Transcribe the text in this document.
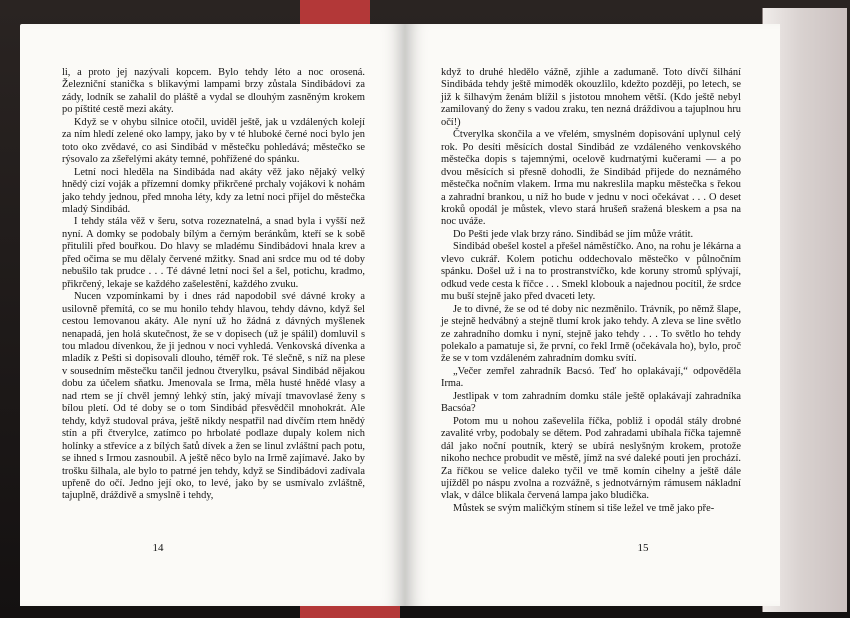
li, a proto jej nazývali kopcem. Bylo tehdy léto a noc orosená. Železniční stanička s blikavými lampami brzy zůstala Sindibádovi za zády, lodník se zahalil do pláště a vydal se dlouhým zasněným krokem po píštité cestě mezi akáty.

Když se v ohybu silnice otočil, uviděl ještě, jak u vzdálených kolejí za ním hledí zelené oko lampy, jako by v té hluboké černé noci bylo jen toto oko zvědavé, co asi Sindibád v městečku pohledává; městečko se rýsovalo za zšeřelými akáty temné, pohřížené do spánku.

Letní noci hleděla na Sindibáda nad akáty věž jako nějaký velký hnědý cizí voják a přízemní domky přikrčené prchaly vojákovi k nohám jako tehdy jednou, před mnoha léty, kdy za letní noci přijel do městečka mladý Sindibád.

I tehdy stála věž v šeru, sotva rozeznatelná, a snad byla i vyšší než nyní. A domky se podobaly bílým a černým beránkům, kteří se k sobě přitulili před bouřkou. Do hlavy se mladému Sindibádovi hnala krev a před očima se mu dělaly červené mžitky. Snad ani srdce mu od té doby nebušilo tak prudce . . . Té dávné letní noci šel a šel, potichu, kradmo, přikrčený, lekaje se každého zašelestění, každého zvuku.

Nucen vzpomínkami by i dnes rád napodobil své dávné kroky a usilovně přemítá, co se mu honilo tehdy hlavou, tehdy dávno, když šel cestou lemovanou akáty. Ale nyní už ho žádná z dávných myšlenek nenapadá, jen holá skutečnost, že se v dopisech (už je spálil) domluvil s tou mladou dívenkou, že ji jednou v noci vyhledá. Venkovská dívenka a mladík z Pešti si dopisovali dlouho, téměř rok. Té slečně, s níž na plese v sousedním městečku tančil jednou čtverylku, psával Sindibád nějakou dobu za účelem sňatku. Jmenovala se Irma, měla husté hnědé vlasy a nad rtem se jí chvěl jemný lehký stín, jaký mívají tmavovlasé ženy s bílou pletí. Od té doby se o tom Sindibád přesvědčil mnohokrát. Ale tehdy, když studoval práva, ještě nikdy nespatřil nad dívčím rtem hnědý stín a při čtverylce, zatímco po hrbolaté podlaze dupaly kolem nich holínky a střevíce a z bílých šatů dívek a žen se linul zvláštní pach potu, se ihned s Irmou zasnoubil. A ještě něco bylo na Irmě zajímavé. Jako by trošku šilhala, ale bylo to patrné jen tehdy, když se Sindibádovi zadívala upřeně do očí. Jedno její oko, to levé, jako by se usmívalo zvláštně, tajuplně, dráždivě a smyslně i tehdy,

14

když to druhé hledělo vážně, zjihle a zadumaně. Toto dívčí šilhání Sindibáda tehdy ještě mimoděk okouzlilo, kdežto později, po letech, se již k šilhavým ženám blížil s jistotou mnohem větší. (Kdo ještě nebyl zamilovaný do ženy s vadou zraku, ten nezná dráždivou a tajuplnou hru očí!)

Čtverylka skončila a ve vřelém, smyslném dopisování uplynul celý rok. Po desíti měsících dostal Sindibád ze vzdáleného venkovského městečka dopis s tajemnými, ocelově kudrnatými kučerami — a po dvou měsících si přesně dohodli, že Sindibád přijede do neznámého městečka nočním vlakem. Irma mu nakreslila mapku městečka s řekou a zahradní brankou, u níž ho bude v jednu v noci očekávat . . . O deset kroků opodál je můstek, vlevo stará hrušeň sražená bleskem a psa na noc uváže.

Do Pešti jede vlak brzy ráno. Sindibád se jím může vrátit.

Sindibád obešel kostel a přešel náměstíčko. Ano, na rohu je lékárna a vlevo cukrář. Kolem potichu oddechovalo městečko v půlnočním spánku. Došel už i na to prostranstvíčko, kde koruny stromů splývají, odkud vede cesta k říčce . . . Smekl klobouk a najednou pocítil, že srdce mu buší stejně jako před dvaceti lety.

Je to divné, že se od té doby nic nezměnilo. Trávník, po němž šlape, je stejně hedvábný a stejně tlumí krok jako tehdy. A zleva se line světlo ze zahradního domku i nyní, stejně jako tehdy . . . To světlo ho tehdy polekalo a pamatuje si, že první, co řekl Irmě (očekávala ho), bylo, proč že se v tom vzdáleném zahradním domku svítí.

„Večer zemřel zahradník Bacsó. Teď ho oplakávají,“ odpověděla Irma.

Jestlipak v tom zahradním domku stále ještě oplakávají zahradníka Bacsóa?

Potom mu u nohou zaševelila říčka, pobliž i opodál stály drobné zavalité vrby, podobaly se dětem. Pod zahradami ubíhala říčka tajemně dál jako noční poutník, který se ubírá neslyšným krokem, protože nikoho nechce probudit ve městě, jímž na své daleké pouti jen prochází. Za říčkou se velice daleko tyčil ve tmě komín cihelny a ještě dále ujížděl po náspu zvolna a rozvážně, s jednotvárným rámusem nákladní vlak, v dálce blikala červená lampa jako bludička.

Můstek se svým maličkým stínem si tiše ležel ve tmě jako pře-

15
